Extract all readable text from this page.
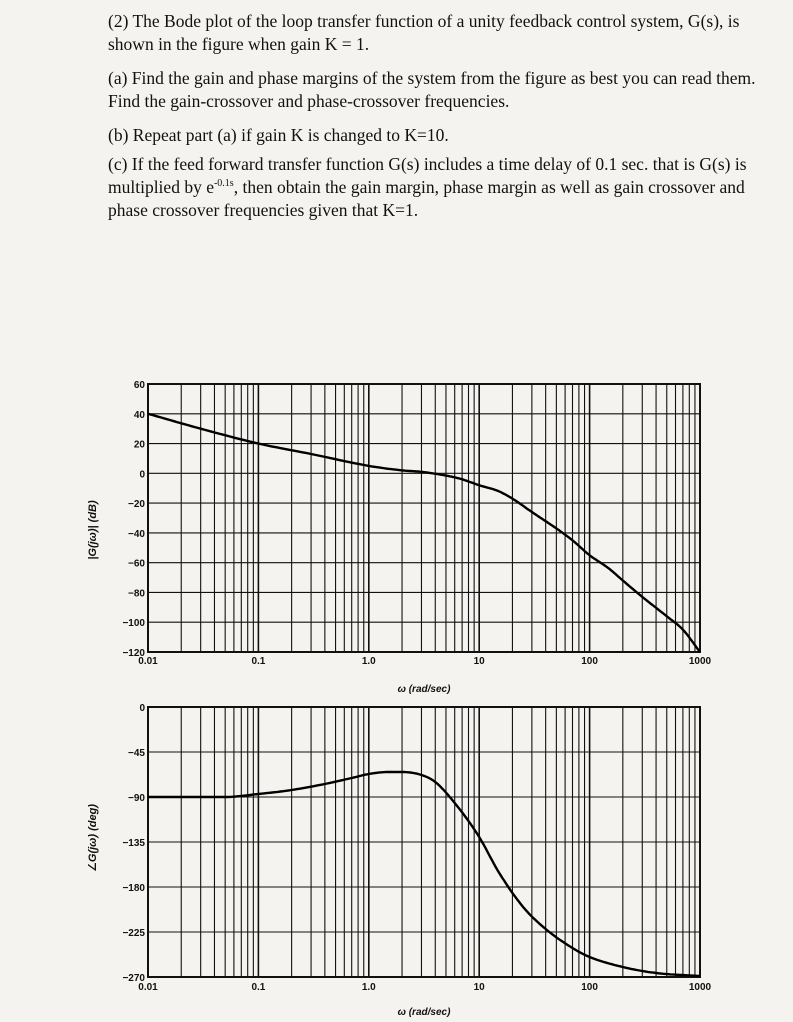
(2) The Bode plot of the loop transfer function of a unity feedback control system, G(s), is shown in the figure when gain K = 1.

(a) Find the gain and phase margins of the system from the figure as best you can read them. Find the gain-crossover and phase-crossover frequencies.

(b) Repeat part (a) if gain K is changed to K=10.

(c) If the feed forward transfer function G(s) includes a time delay of 0.1 sec. that is G(s) is multiplied by $e^{-0.1s}$, then obtain the gain margin, phase margin as well as gain crossover and phase crossover frequencies given that K=1.

60
40
20
0
−20
−40
−60
−80
−100
−120
0.01	0.1	1.0	10	100	1000
ω (rad/sec)
|G(jω)| (dB)
0
−45
−90
−135
−180
−225
−270
0.01	0.1	1.0	10	100	1000
ω (rad/sec)
∠G(jω) (deg)
